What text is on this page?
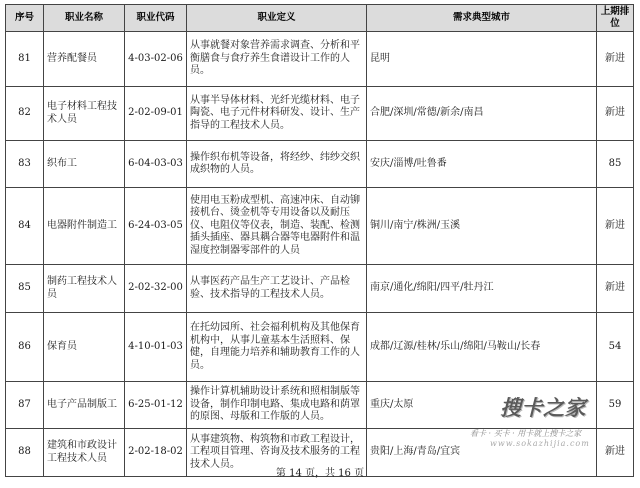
序号	职业名称	职业代码	职业定义	需求典型城市	上期排位
81	营养配餐员	4-03-02-06	从事就餐对象营养需求调查、分析和平衡膳食与食疗养生食谱设计工作的人员。	昆明	新进
82	电子材料工程技术人员	2-02-09-01	从事半导体材料、光纤光缆材料、电子陶瓷、电子元件材料研发、设计、生产指导的工程技术人员。	合肥/深圳/常德/新余/南昌	新进
83	织布工	6-04-03-03	操作织布机等设备，将经纱、纬纱交织成织物的人员。	安庆/淄博/吐鲁番	85
84	电器附件制造工	6-24-03-05	使用电玉粉成型机、高速冲床、自动铆接机台、烫金机等专用设备以及耐压仪、电阻仪等仪表，制造、装配、检测插头插座、器具耦合器等电器附件和温湿度控制器零部件的人员	铜川/南宁/株洲/玉溪	新进
85	制药工程技术人员	2-02-32-00	从事医药产品生产工艺设计、产品检验、技术指导的工程技术人员。	南京/通化/绵阳/四平/牡丹江	新进
86	保育员	4-10-01-03	在托幼园所、社会福利机构及其他保育机构中，从事儿童基本生活照料、保健，自理能力培养和辅助教育工作的人员。	成都/辽源/桂林/乐山/绵阳/马鞍山/长春	54
87	电子产品制版工	6-25-01-12	操作计算机辅助设计系统和照相制版等设备，制作印制电路、集成电路和荫罩的原图、母版和工作版的人员。	重庆/太原	59
88	建筑和市政设计工程技术人员	2-02-18-02	从事建筑物、构筑物和市政工程设计，工程项目管理、咨询及技术服务的工程技术人员。	贵阳/上海/青岛/宜宾	新进
搜卡之家
看卡 · 买卡 · 用卡就上搜卡之家
www.sokazhijia.com
第 14 页，共 16 页
